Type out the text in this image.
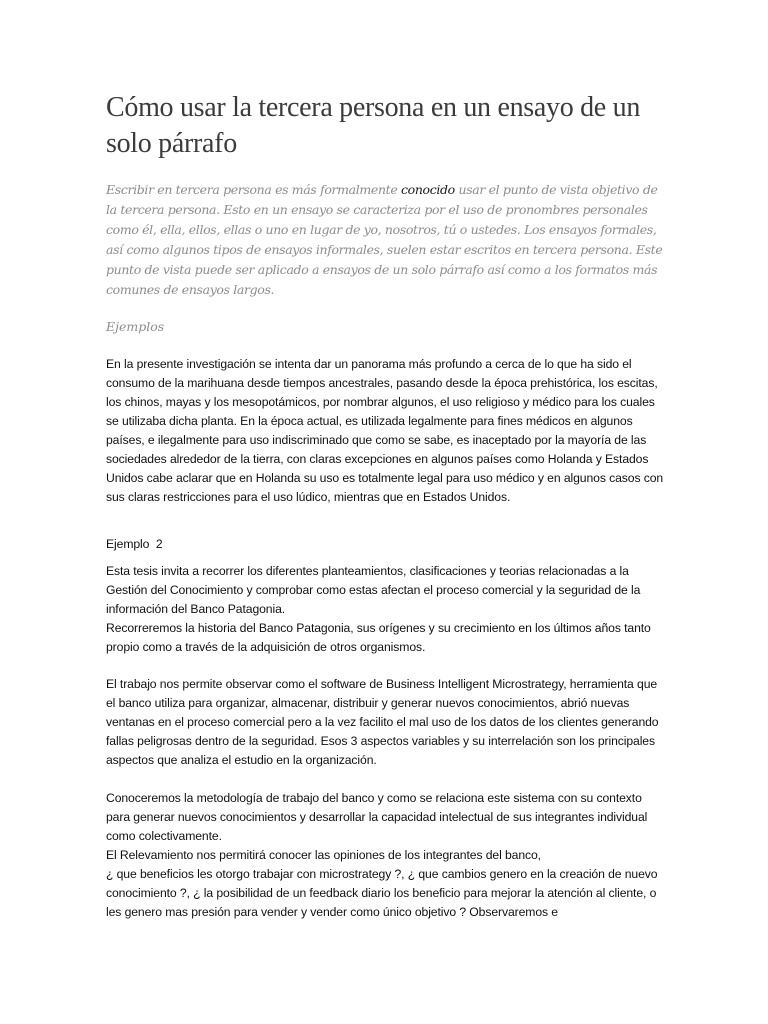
Cómo usar la tercera persona en un ensayo de un solo párrafo

Escribir en tercera persona es más formalmente conocido usar el punto de vista objetivo de la tercera persona. Esto en un ensayo se caracteriza por el uso de pronombres personales como él, ella, ellos, ellas o uno en lugar de yo, nosotros, tú o ustedes. Los ensayos formales, así como algunos tipos de ensayos informales, suelen estar escritos en tercera persona. Este punto de vista puede ser aplicado a ensayos de un solo párrafo así como a los formatos más comunes de ensayos largos.

Ejemplos

En la presente investigación se intenta dar un panorama más profundo a cerca de lo que ha sido el consumo de la marihuana desde tiempos ancestrales, pasando desde la época prehistórica, los escitas, los chinos, mayas y los mesopotámicos, por nombrar algunos, el uso religioso y médico para los cuales se utilizaba dicha planta. En la época actual, es utilizada legalmente para fines médicos en algunos países, e ilegalmente para uso indiscriminado que como se sabe, es inaceptado por la mayoría de las sociedades alrededor de la tierra, con claras excepciones en algunos países como Holanda y Estados Unidos cabe aclarar que en Holanda su uso es totalmente legal para uso médico y en algunos casos con sus claras restricciones para el uso lúdico, mientras que en Estados Unidos.

Ejemplo  2

Esta tesis invita a recorrer los diferentes planteamientos, clasificaciones y teorias relacionadas a la Gestión del Conocimiento y comprobar como estas afectan el proceso comercial y la seguridad de la información del Banco Patagonia.

Recorreremos la historia del Banco Patagonia, sus orígenes y su crecimiento en los últimos años tanto propio como a través de la adquisición de otros organismos.

El trabajo nos permite observar como el software de Business Intelligent Microstrategy, herramienta que el banco utiliza para organizar, almacenar, distribuir y generar nuevos conocimientos, abrió nuevas ventanas en el proceso comercial pero a la vez facilito el mal uso de los datos de los clientes generando fallas peligrosas dentro de la seguridad. Esos 3 aspectos variables y su interrelación son los principales aspectos que analiza el estudio en la organización.

Conoceremos la metodología de trabajo del banco y como se relaciona este sistema con su contexto para generar nuevos conocimientos y desarrollar la capacidad intelectual de sus integrantes individual como colectivamente.

El Relevamiento nos permitirá conocer las opiniones de los integrantes del banco,

¿ que beneficios les otorgo trabajar con microstrategy ?, ¿ que cambios genero en la creación de nuevo conocimiento ?, ¿ la posibilidad de un feedback diario los beneficio para mejorar la atención al cliente, o les genero mas presión para vender y vender como único objetivo ? Observaremos e
